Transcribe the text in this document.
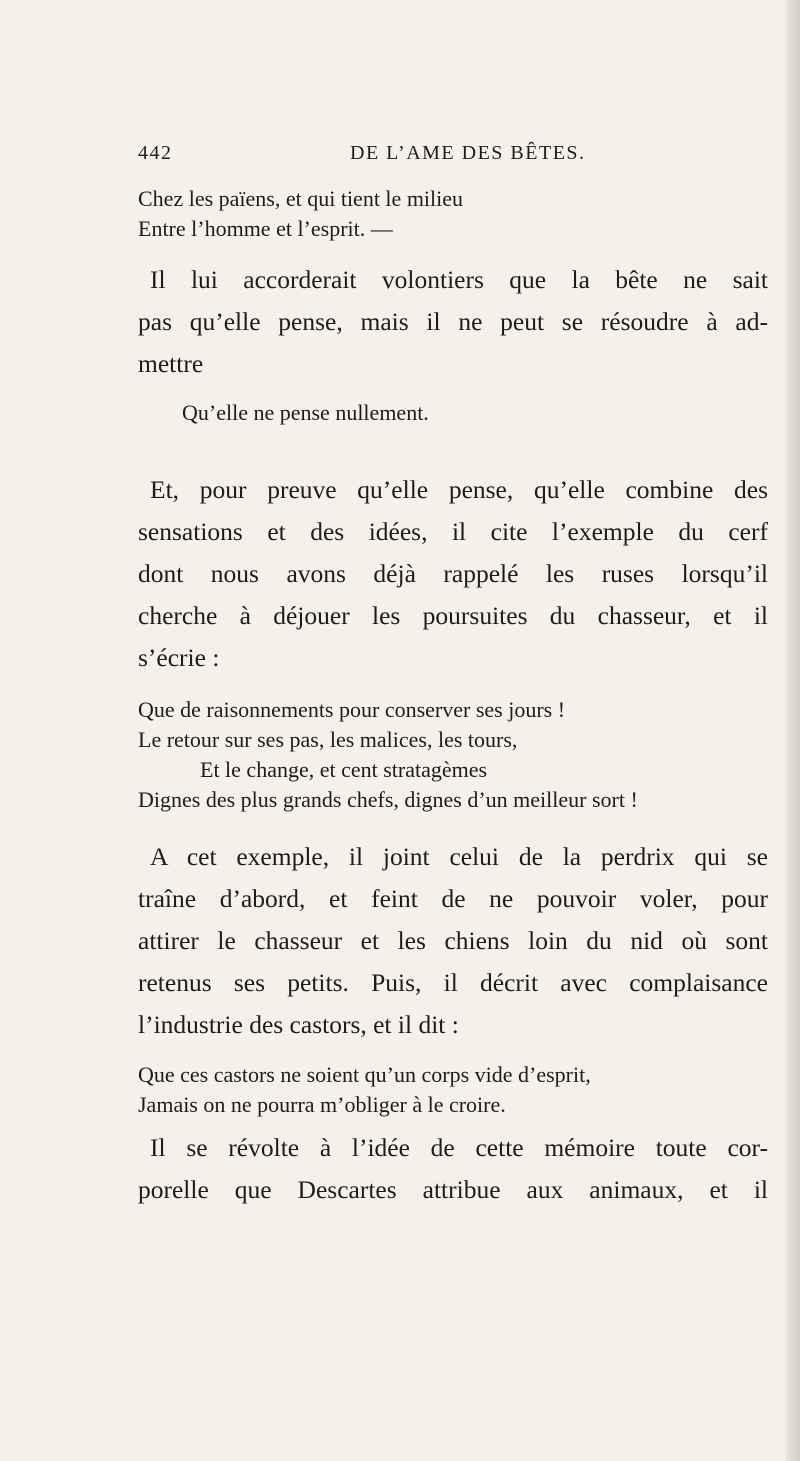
442	DE L’AME DES BÊTES.
Chez les païens, et qui tient le milieu
Entre l’homme et l’esprit. —
Il lui accorderait volontiers que la bête ne sait
pas qu’elle pense, mais il ne peut se résoudre à ad-
mettre
Qu’elle ne pense nullement.
Et, pour preuve qu’elle pense, qu’elle combine des
sensations et des idées, il cite l’exemple du cerf
dont nous avons déjà rappelé les ruses lorsqu’il
cherche à déjouer les poursuites du chasseur, et il
s’écrie :
Que de raisonnements pour conserver ses jours !
Le retour sur ses pas, les malices, les tours,
Et le change, et cent stratagèmes
Dignes des plus grands chefs, dignes d’un meilleur sort !
A cet exemple, il joint celui de la perdrix qui se
traîne d’abord, et feint de ne pouvoir voler, pour
attirer le chasseur et les chiens loin du nid où sont
retenus ses petits. Puis, il décrit avec complaisance
l’industrie des castors, et il dit :
Que ces castors ne soient qu’un corps vide d’esprit,
Jamais on ne pourra m’obliger à le croire.
Il se révolte à l’idée de cette mémoire toute cor-
porelle que Descartes attribue aux animaux, et il
